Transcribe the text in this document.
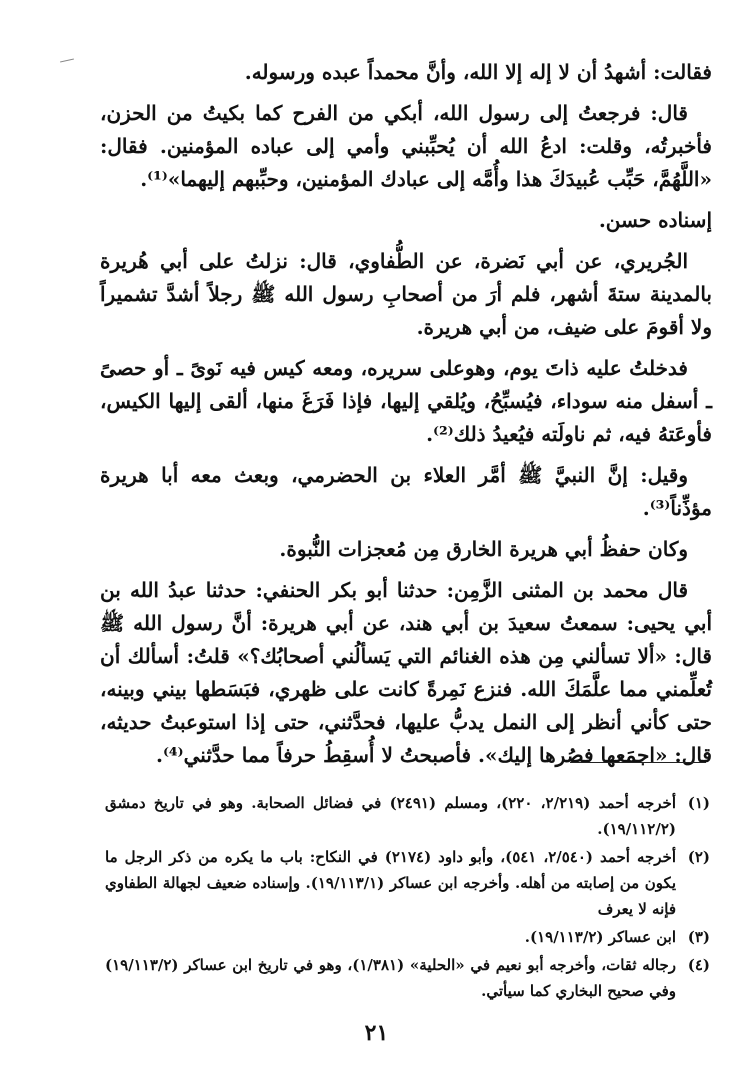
فقالت: أشهدُ أن لا إله إلا الله، وأنَّ محمداً عبده ورسوله.

قال: فرجعتُ إلى رسول الله، أبكي من الفرح كما بكيتُ من الحزن، فأخبرتُه، وقلت: ادعُ الله أن يُحبِّبني وأمي إلى عباده المؤمنين. فقال: «اللَّهُمَّ، حَبِّب عُبيدَكَ هذا وأُمَّه إلى عبادك المؤمنين، وحبِّبهم إليهما»⁽¹⁾.

إسناده حسن.

الجُريري، عن أبي نَضرة، عن الطُّفاوي، قال: نزلتُ على أبي هُريرة بالمدينة ستةَ أشهر، فلم أرَ من أصحابِ رسول الله ﷺ رجلاً أشدَّ تشميراً ولا أقومَ على ضيف، من أبي هريرة.

فدخلتُ عليه ذاتَ يوم، وهوعلى سريره، ومعه كيس فيه نَوىً ـ أو حصىً ـ أسفل منه سوداء، فيُسبِّحُ، ويُلقي إليها، فإذا فَرَغَ منها، ألقى إليها الكيس، فأوعَتهُ فيه، ثم ناولَته فيُعيدُ ذلك⁽²⁾.

وقيل: إنَّ النبيَّ ﷺ أمَّر العلاء بن الحضرمي، وبعث معه أبا هريرة مؤذِّناً⁽³⁾.

وكان حفظُ أبي هريرة الخارق مِن مُعجزات النُّبوة.

قال محمد بن المثنى الزَّمِن: حدثنا أبو بكر الحنفي: حدثنا عبدُ الله بن أبي يحيى: سمعتُ سعيدَ بن أبي هند، عن أبي هريرة: أنَّ رسول الله ﷺ قال: «ألا تسألني مِن هذه الغنائم التي يَسألُني أصحابُك؟» قلتُ: أسألك أن تُعلِّمني مما علَّمَكَ الله. فنزع نَمِرةً كانت على ظهري، فبَسَطها بيني وبينه، حتى كأني أنظر إلى النمل يدبُّ عليها، فحدَّثني، حتى إذا استوعبتُ حديثه، قال: «اجمَعها فصُرها إليك». فأصبحتُ لا أُسقِطُ حرفاً مما حدَّثني⁽⁴⁾.

(١)
أخرجه أحمد (٢/٢١٩، ٢٢٠)، ومسلم (٢٤٩١) في فضائل الصحابة. وهو في تاريخ دمشق (١٩/١١٢/٢).
(٢)
أخرجه أحمد (٢/٥٤٠، ٥٤١)، وأبو داود (٢١٧٤) في النكاح: باب ما يكره من ذكر الرجل ما يكون من إصابته من أهله. وأخرجه ابن عساكر (١٩/١١٣/١). وإسناده ضعيف لجهالة الطفاوي فإنه لا يعرف
(٣)
ابن عساكر (١٩/١١٣/٢).
(٤)
رجاله ثقات، وأخرجه أبو نعيم في «الحلية» (١/٣٨١)، وهو في تاريخ ابن عساكر (١٩/١١٣/٢) وفي صحيح البخاري كما سيأتي.
٢١
